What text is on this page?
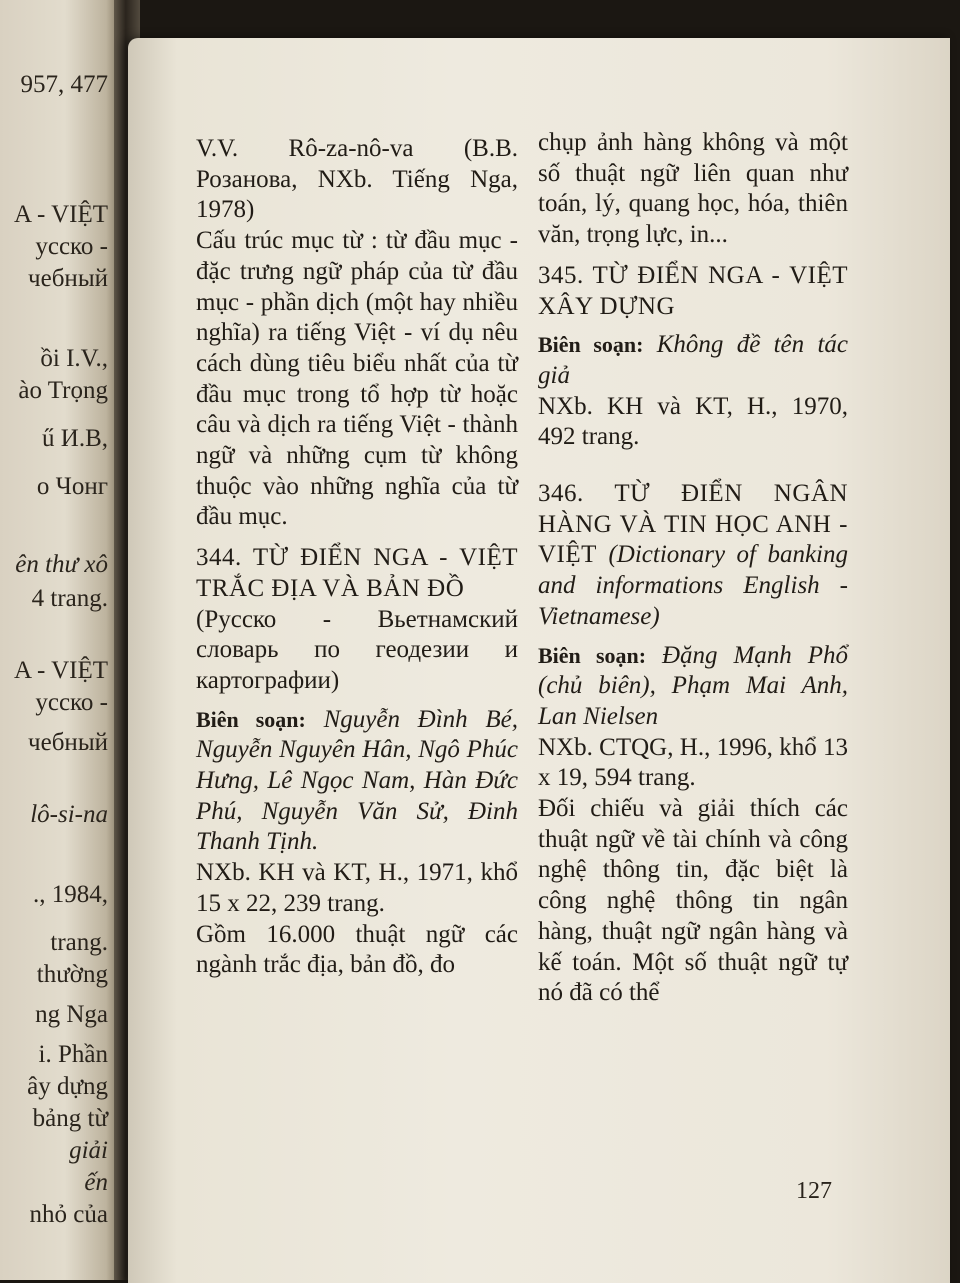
957, 477
A - VIỆT
усско -
чебный
ồi I.V.,
ào Trọng
ű И.В,
о Чонг
ên thư xô
4 trang.
A - VIỆT
усско -
чебный
lô-si-na
., 1984,
trang.
thường
ng Nga
i. Phần
ây dựng
bảng từ
giải
ến
nhỏ của

V.V. Rô-za-nô-va (B.B. Розанова, NXb. Tiếng Nga, 1978)

Cấu trúc mục từ : từ đầu mục - đặc trưng ngữ pháp của từ đầu mục - phần dịch (một hay nhiều nghĩa) ra tiếng Việt - ví dụ nêu cách dùng tiêu biểu nhất của từ đầu mục trong tổ hợp từ hoặc câu và dịch ra tiếng Việt - thành ngữ và những cụm từ không thuộc vào những nghĩa của từ đầu mục.

344. TỪ ĐIỂN NGA - VIỆT TRẮC ĐỊA VÀ BẢN ĐỒ

(Русско - Вьетнамский словарь по геодезии и картографии)

Biên soạn: Nguyễn Đình Bé, Nguyễn Nguyên Hân, Ngô Phúc Hưng, Lê Ngọc Nam, Hàn Đức Phú, Nguyễn Văn Sử, Đinh Thanh Tịnh.

NXb. KH và KT, H., 1971, khổ 15 x 22, 239 trang.

Gồm 16.000 thuật ngữ các ngành trắc địa, bản đồ, đo

chụp ảnh hàng không và một số thuật ngữ liên quan như toán, lý, quang học, hóa, thiên văn, trọng lực, in...

345. TỪ ĐIỂN NGA - VIỆT XÂY DỰNG

Biên soạn: Không đề tên tác giả

NXb. KH và KT, H., 1970, 492 trang.

346. TỪ ĐIỂN NGÂN HÀNG VÀ TIN HỌC ANH - VIỆT (Dictionary of banking and informations English - Vietnamese)

Biên soạn: Đặng Mạnh Phổ (chủ biên), Phạm Mai Anh, Lan Nielsen

NXb. CTQG, H., 1996, khổ 13 x 19, 594 trang.

Đối chiếu và giải thích các thuật ngữ về tài chính và công nghệ thông tin, đặc biệt là công nghệ thông tin ngân hàng, thuật ngữ ngân hàng và kế toán. Một số thuật ngữ tự nó đã có thể

127
